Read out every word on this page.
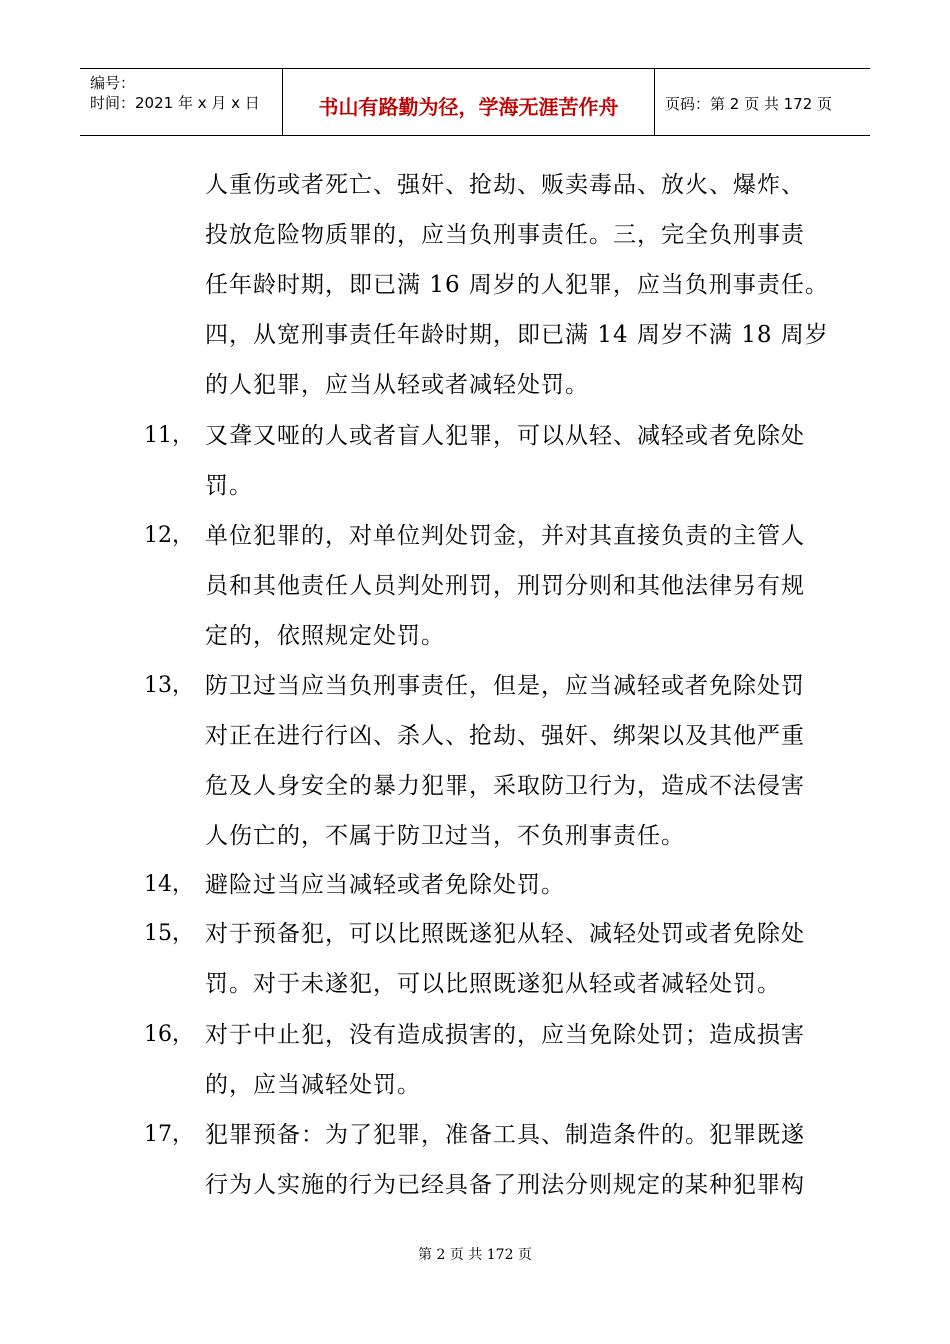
编号：
时间：2021 年 x 月 x 日	书山有路勤为径，学海无涯苦作舟	页码：第 2 页 共 172 页
人重伤或者死亡、强奸、抢劫、贩卖毒品、放火、爆炸、
投放危险物质罪的，应当负刑事责任。三，完全负刑事责
任年龄时期，即已满 16 周岁的人犯罪，应当负刑事责任。
四，从宽刑事责任年龄时期，即已满 14 周岁不满 18 周岁
的人犯罪，应当从轻或者减轻处罚。
11， 又聋又哑的人或者盲人犯罪，可以从轻、减轻或者免除处
罚。
12， 单位犯罪的，对单位判处罚金，并对其直接负责的主管人
员和其他责任人员判处刑罚，刑罚分则和其他法律另有规
定的，依照规定处罚。
13， 防卫过当应当负刑事责任，但是，应当减轻或者免除处罚
对正在进行行凶、杀人、抢劫、强奸、绑架以及其他严重
危及人身安全的暴力犯罪，采取防卫行为，造成不法侵害
人伤亡的，不属于防卫过当，不负刑事责任。
14， 避险过当应当减轻或者免除处罚。
15， 对于预备犯，可以比照既遂犯从轻、减轻处罚或者免除处
罚。对于未遂犯，可以比照既遂犯从轻或者减轻处罚。
16， 对于中止犯，没有造成损害的，应当免除处罚；造成损害
的，应当减轻处罚。
17， 犯罪预备：为了犯罪，准备工具、制造条件的。犯罪既遂
行为人实施的行为已经具备了刑法分则规定的某种犯罪构
第 2 页 共 172 页
